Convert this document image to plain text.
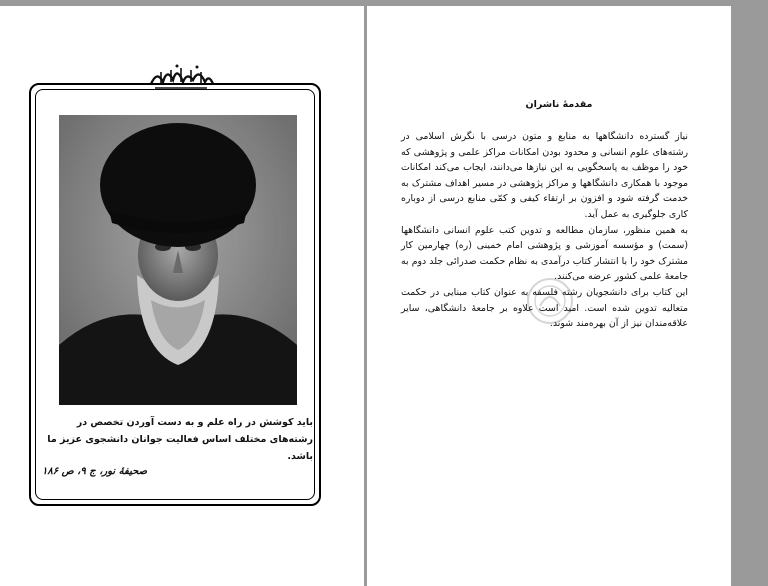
باید کوشش در راه علم و به دست آوردن تخصص در رشته‌های مختلف اساس فعالیت جوانان دانشجوی عزیز ما باشد.
صحیفهٔ نور، ج ۹، ص ۱۸۶
مقدمهٔ ناشران

نیاز گسترده دانشگاهها به منابع و متون درسی با نگرش اسلامی در رشته‌های علوم انسانی و محدود بودن امکانات مراکز علمی و پژوهشی که خود را موظف به پاسخگویی به این نیازها می‌دانند، ایجاب می‌کند امکانات موجود با همکاری دانشگاهها و مراکز پژوهشی در مسیر اهداف مشترک به خدمت گرفته شود و افزون بر ارتقاء کیفی و کمّی منابع درسی از دوباره کاری جلوگیری به عمل آید.

به همین منظور، سازمان مطالعه و تدوین کتب علوم انسانی دانشگاهها (سمت) و مؤسسه آموزشی و پژوهشی امام خمینی (ره) چهارمین کار مشترک خود را با انتشار کتاب درآمدی به نظام حکمت صدرائی جلد دوم به جامعهٔ علمی کشور عرضه می‌کنند.

این کتاب برای دانشجویان رشته فلسفه به عنوان کتاب مبنایی در حکمت متعالیه تدوین شده است. امید است علاوه بر جامعهٔ دانشگاهی، سایر علاقه‌مندان نیز از آن بهره‌مند شوند.
